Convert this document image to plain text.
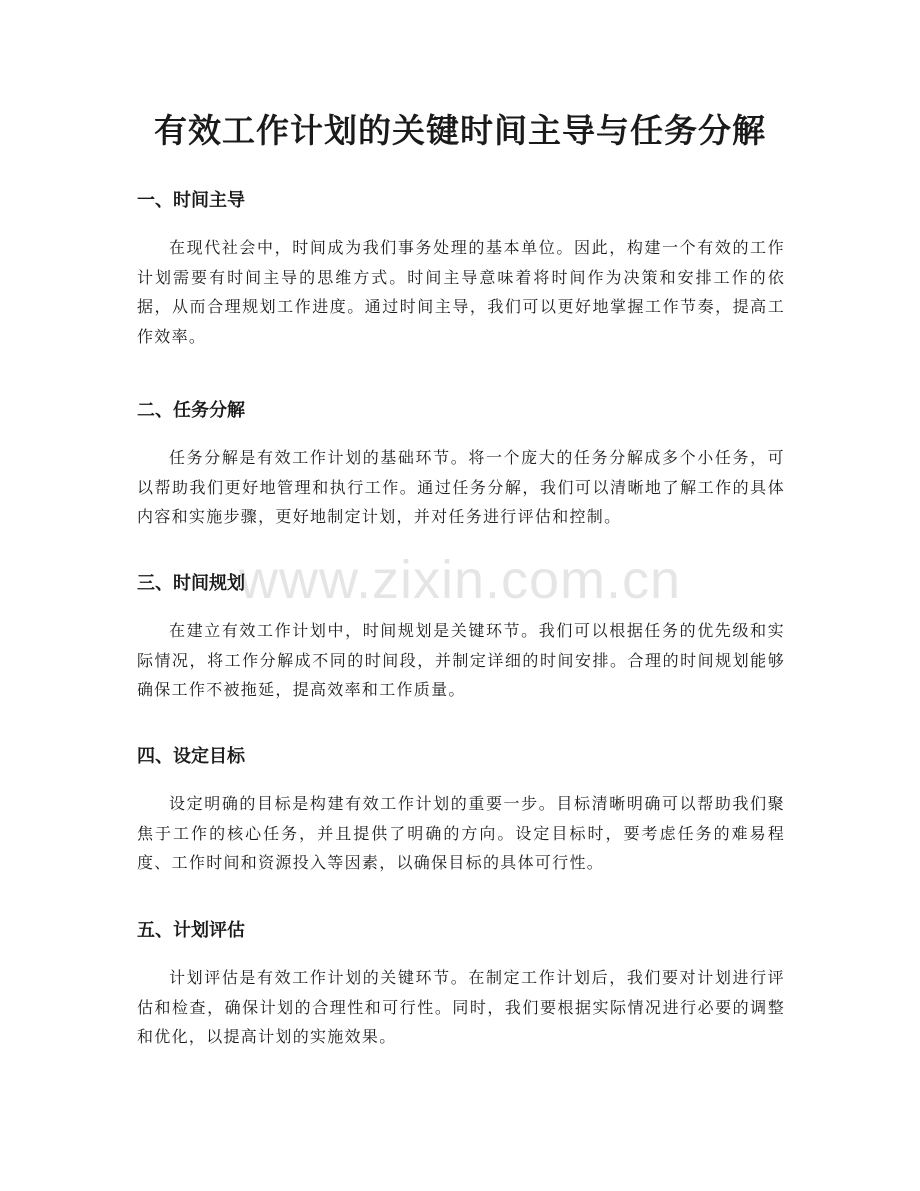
有效工作计划的关键时间主导与任务分解
一、时间主导

在现代社会中，时间成为我们事务处理的基本单位。因此，构建一个有效的工作计划需要有时间主导的思维方式。时间主导意味着将时间作为决策和安排工作的依据，从而合理规划工作进度。通过时间主导，我们可以更好地掌握工作节奏，提高工作效率。

二、任务分解

任务分解是有效工作计划的基础环节。将一个庞大的任务分解成多个小任务，可以帮助我们更好地管理和执行工作。通过任务分解，我们可以清晰地了解工作的具体内容和实施步骤，更好地制定计划，并对任务进行评估和控制。

三、时间规划

在建立有效工作计划中，时间规划是关键环节。我们可以根据任务的优先级和实际情况，将工作分解成不同的时间段，并制定详细的时间安排。合理的时间规划能够确保工作不被拖延，提高效率和工作质量。

四、设定目标

设定明确的目标是构建有效工作计划的重要一步。目标清晰明确可以帮助我们聚焦于工作的核心任务，并且提供了明确的方向。设定目标时，要考虑任务的难易程度、工作时间和资源投入等因素，以确保目标的具体可行性。

五、计划评估

计划评估是有效工作计划的关键环节。在制定工作计划后，我们要对计划进行评估和检查，确保计划的合理性和可行性。同时，我们要根据实际情况进行必要的调整和优化，以提高计划的实施效果。

www.zixin.com.cn
